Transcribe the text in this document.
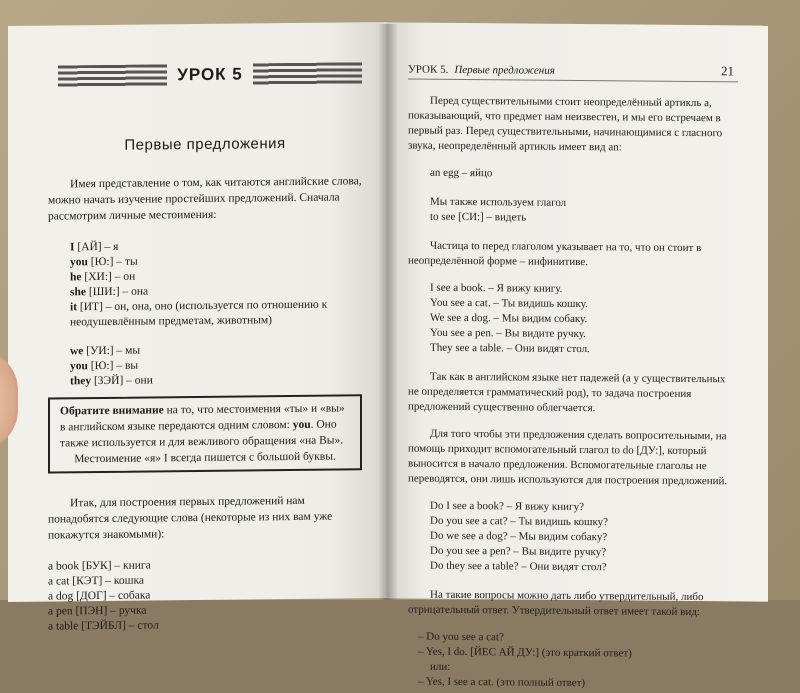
УРОК 5
Первые предложения

Имея представление о том, как читаются английские слова, можно начать изучение простейших предложений. Сначала рассмотрим личные местоимения:

I [АЙ] – я

you [Ю:] – ты

he [ХИ:] – он

she [ШИ:] – она

it [ИТ] – он, она, оно (используется по отношению к неодушевлённым предметам, животным)

we [УИ:] – мы

you [Ю:] – вы

they [ЗЭЙ] – они

Обратите внимание на то, что местоимения «ты» и «вы» в английском языке передаются одним словом: you. Оно также используется и для вежливого обращения «на Вы».

Местоимение «я» I всегда пишется с большой буквы.

Итак, для построения первых предложений нам понадобятся следующие слова (некоторые из них вам уже покажутся знакомыми):

a book [БУК] – книга

a cat [КЭТ] – кошка

a dog [ДОГ] – собака

a pen [ПЭН] – ручка

a table [ТЭЙБЛ] – стол

УРОК 5. Первые предложения	21

Перед существительными стоит неопределённый артикль a, показывающий, что предмет нам неизвестен, и мы его встречаем в первый раз. Перед существительными, начинающимися с гласного звука, неопределённый артикль имеет вид an:

an egg – яйцо

Мы также используем глагол

to see [СИ:] – видеть

Частица to перед глаголом указывает на то, что он стоит в неопределённой форме – инфинитиве.

I see a book. – Я вижу книгу.

You see a cat. – Ты видишь кошку.

We see a dog. – Мы видим собаку.

You see a pen. – Вы видите ручку.

They see a table. – Они видят стол.

Так как в английском языке нет падежей (а у существительных не определяется грамматический род), то задача построения предложений существенно облегчается.

Для того чтобы эти предложения сделать вопросительными, на помощь приходит вспомогательный глагол to do [ДУ:], который выносится в начало предложения. Вспомогательные глаголы не переводятся, они лишь используются для построения предложений.

Do I see a book? – Я вижу книгу?

Do you see a cat? – Ты видишь кошку?

Do we see a dog? – Мы видим собаку?

Do you see a pen? – Вы видите ручку?

Do they see a table? – Они видят стол?

На такие вопросы можно дать либо утвердительный, либо отрицательный ответ. Утвердительный ответ имеет такой вид:

– Do you see a cat?

– Yes, I do. [ЙЕС АЙ ДУ:] (это краткий ответ)

или:

– Yes, I see a cat. (это полный ответ)
